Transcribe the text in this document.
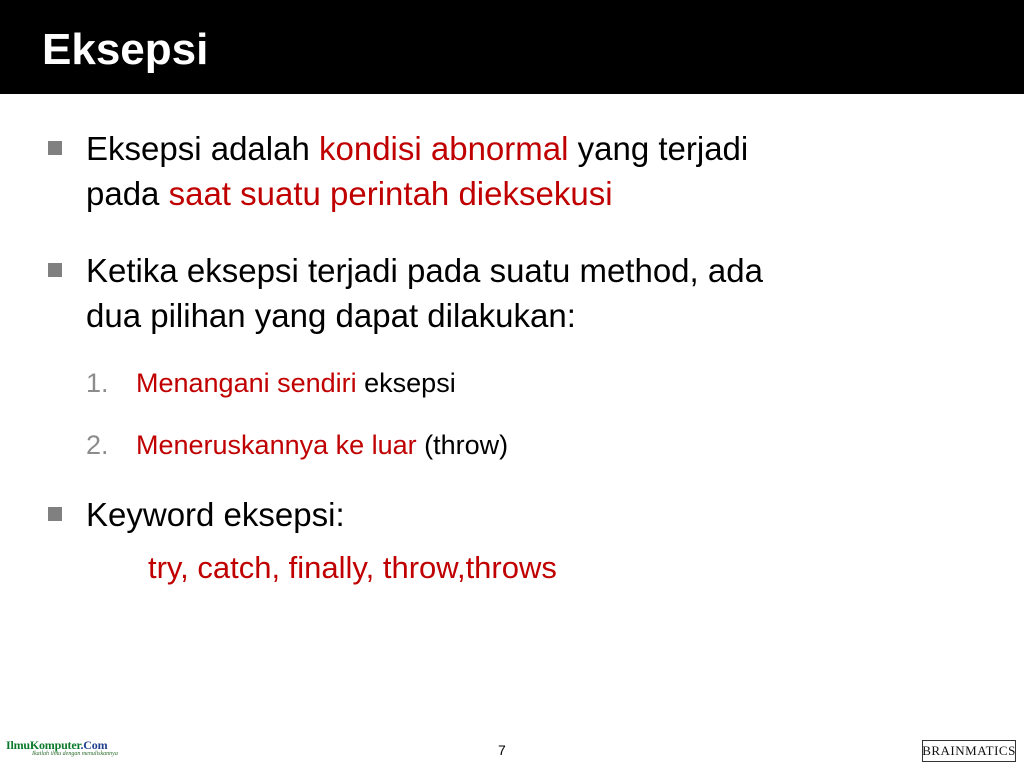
Eksepsi
Eksepsi adalah kondisi abnormal yang terjadi
pada saat suatu perintah dieksekusi
Ketika eksepsi terjadi pada suatu method, ada
dua pilihan yang dapat dilakukan:
1. Menangani sendiri eksepsi
2. Meneruskannya ke luar (throw)
Keyword eksepsi:
try, catch, finally, throw,throws
IlmuKomputer.Com
Ikatlah ilmu dengan menuliskannya	7	BRAINMATICS
